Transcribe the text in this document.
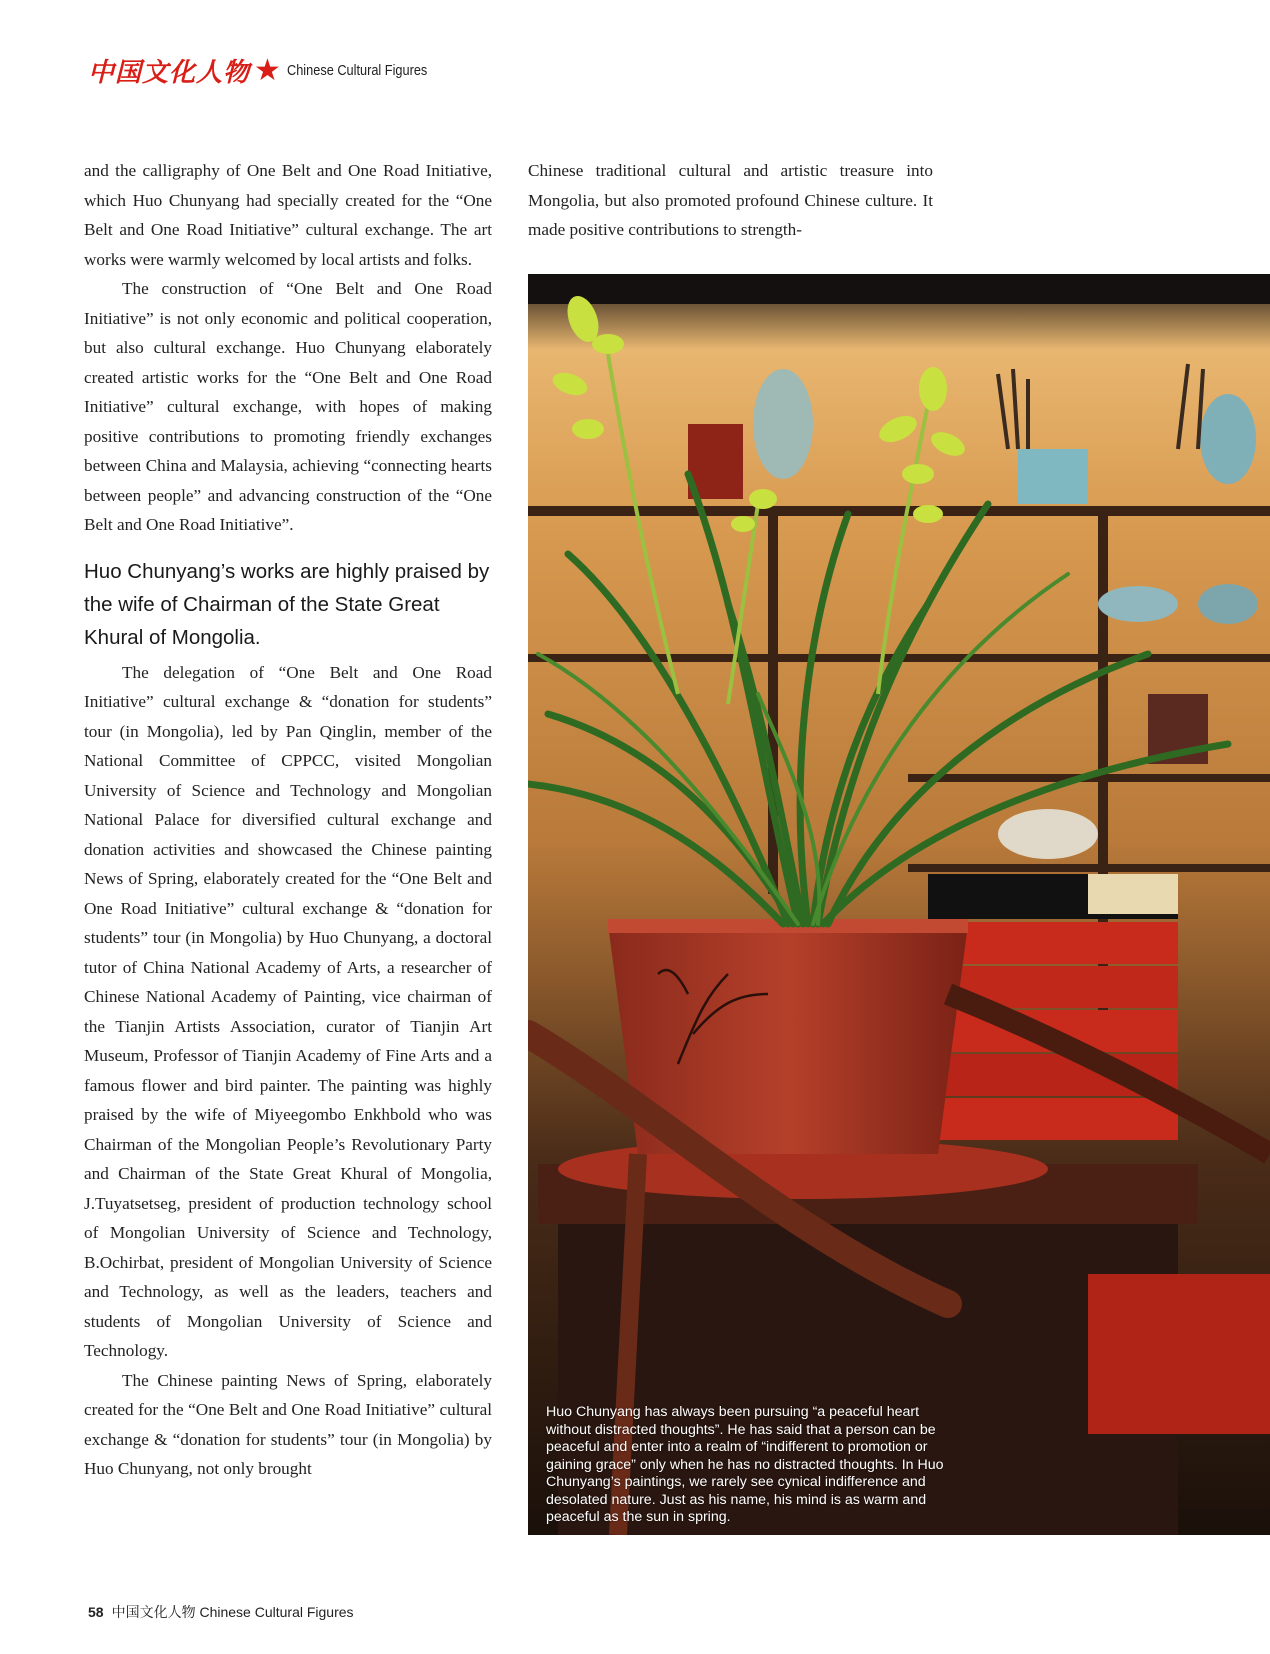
中国文化人物 ★ Chinese Cultural Figures

and the calligraphy of One Belt and One Road Initiative, which Huo Chunyang had specially created for the “One Belt and One Road Initiative” cultural exchange. The art works were warmly welcomed by local artists and folks.

The construction of “One Belt and One Road Initiative” is not only economic and political cooperation, but also cultural exchange. Huo Chunyang elaborately created artistic works for the “One Belt and One Road Initiative” cultural exchange, with hopes of making positive contributions to promoting friendly exchanges between China and Malaysia, achieving “connecting hearts between people” and advancing construction of the “One Belt and One Road Initiative”.

Huo Chunyang’s works are highly praised by the wife of Chairman of the State Great Khural of Mongolia.

The delegation of “One Belt and One Road Initiative” cultural exchange & “donation for students” tour (in Mongolia), led by Pan Qinglin, member of the National Committee of CPPCC, visited Mongolian University of Science and Technology and Mongolian National Palace for diversified cultural exchange and donation activities and showcased the Chinese painting News of Spring, elaborately created for the “One Belt and One Road Initiative” cultural exchange & “donation for students” tour (in Mongolia) by Huo Chunyang, a doctoral tutor of China National Academy of Arts, a researcher of Chinese National Academy of Painting, vice chairman of the Tianjin Artists Association, curator of Tianjin Art Museum, Professor of Tianjin Academy of Fine Arts and a famous flower and bird painter. The painting was highly praised by the wife of Miyeegombo Enkhbold who was Chairman of the Mongolian People’s Revolutionary Party and Chairman of the State Great Khural of Mongolia, J.Tuyatsetseg, president of production technology school of Mongolian University of Science and Technology, B.Ochirbat, president of Mongolian University of Science and Technology, as well as the leaders, teachers and students of Mongolian University of Science and Technology.

The Chinese painting News of Spring, elaborately created for the “One Belt and One Road Initiative” cultural exchange & “donation for students” tour (in Mongolia) by Huo Chunyang, not only brought

Chinese traditional cultural and artistic treasure into Mongolia, but also promoted profound Chinese culture. It made positive contributions to strength-

Huo Chunyang has always been pursuing “a peaceful heart without distracted thoughts”. He has said that a person can be peaceful and enter into a realm of “indifferent to promotion or gaining grace” only when he has no distracted thoughts. In Huo Chunyang’s paintings, we rarely see cynical indifference and desolated nature. Just as his name, his mind is as warm and peaceful as the sun in spring.
58 中国文化人物 Chinese Cultural Figures
